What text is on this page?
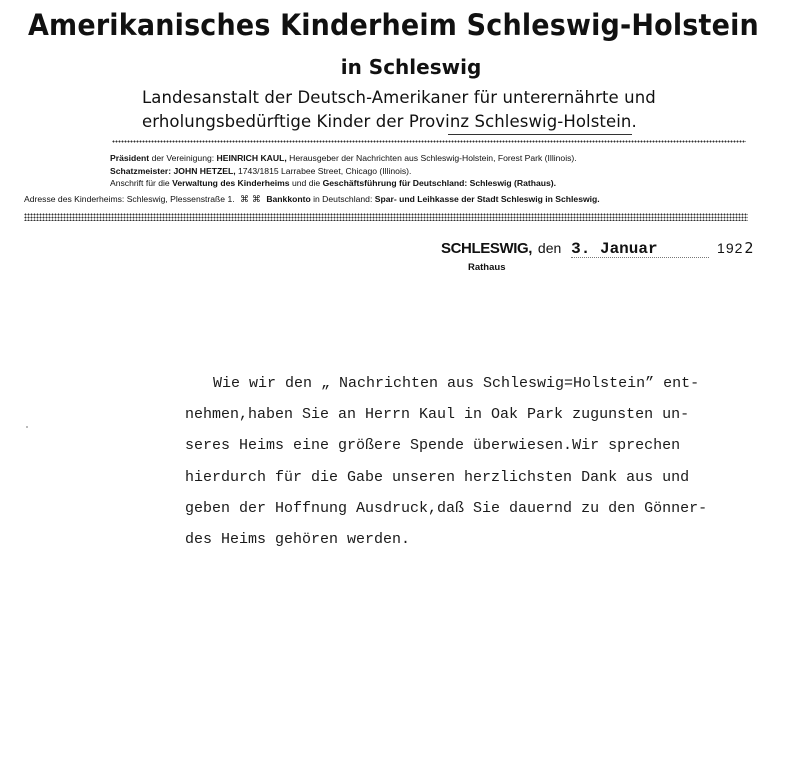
Amerikanisches Kinderheim Schleswig-Holstein
in Schleswig
Landesanstalt der Deutsch-Amerikaner für unterernährte und
erholungsbedürftige Kinder der Provinz Schleswig-Holstein.
Präsident der Vereinigung: HEINRICH KAUL, Herausgeber der Nachrichten aus Schleswig-Holstein, Forest Park (Illinois).
Schatzmeister: JOHN HETZEL, 1743/1815 Larrabee Street, Chicago (Illinois).
Anschrift für die Verwaltung des Kinderheims und die Geschäftsführung für Deutschland: Schleswig (Rathaus).
Adresse des Kinderheims: Schleswig, Plessenstraße 1. ⌘ ⌘ Bankkonto in Deutschland: Spar- und Leihkasse der Stadt Schleswig in Schleswig.
SCHLESWIG, den 3. Januar	1922
Rathaus
Wie wir den „ Nachrichten aus Schleswig=Holstein” ent-
nehmen,haben Sie an Herrn Kaul in Oak Park zugunsten un-
seres Heims eine größere Spende überwiesen.Wir sprechen
hierdurch für die Gabe unseren herzlichsten Dank aus und
geben der Hoffnung Ausdruck,daß Sie dauernd zu den Gönner-
des Heims gehören werden.
